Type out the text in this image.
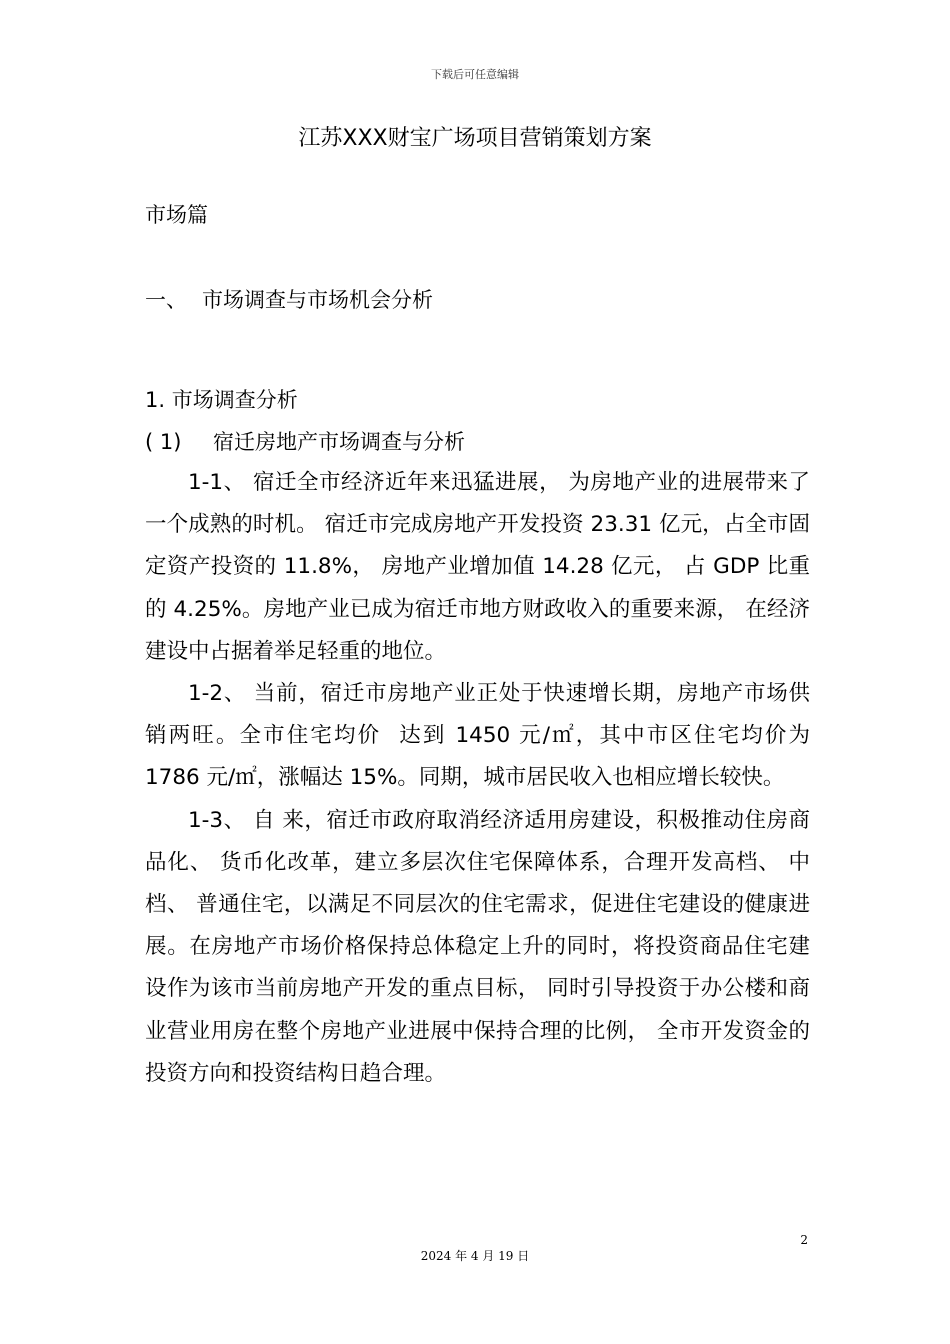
下载后可任意编辑
江苏XXX财宝广场项目营销策划方案
市场篇
一、 市场调查与市场机会分析
1. 市场调查分析
( 1) 宿迁房地产市场调查与分析

1-1、 宿迁全市经济近年来迅猛进展， 为房地产业的进展带来了一个成熟的时机。 宿迁市完成房地产开发投资 23.31 亿元，占全市固定资产投资的 11.8%， 房地产业增加值 14.28 亿元， 占 GDP 比重的 4.25%。房地产业已成为宿迁市地方财政收入的重要来源， 在经济建设中占据着举足轻重的地位。

1-2、 当前，宿迁市房地产业正处于快速增长期，房地产市场供销两旺。全市住宅均价  达到 1450 元/㎡，其中市区住宅均价为 1786 元/㎡，涨幅达 15%。同期，城市居民收入也相应增长较快。

1-3、 自 来，宿迁市政府取消经济适用房建设，积极推动住房商品化、 货币化改革，建立多层次住宅保障体系，合理开发高档、 中档、 普通住宅，以满足不同层次的住宅需求，促进住宅建设的健康进展。在房地产市场价格保持总体稳定上升的同时，将投资商品住宅建设作为该市当前房地产开发的重点目标， 同时引导投资于办公楼和商业营业用房在整个房地产业进展中保持合理的比例， 全市开发资金的投资方向和投资结构日趋合理。

2
2024 年 4 月 19 日
